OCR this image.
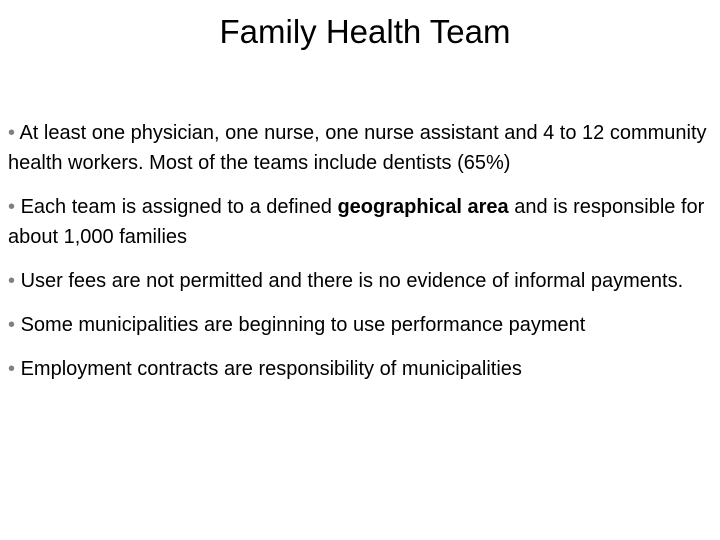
Family Health Team
• At least one physician, one nurse, one nurse assistant and 4 to 12 community health workers. Most of the teams include dentists (65%)
• Each team is assigned to a defined geographical area and is responsible for about 1,000 families
• User fees are not permitted and there is no evidence of informal payments.
• Some municipalities are beginning to use performance payment
• Employment contracts are responsibility of municipalities
